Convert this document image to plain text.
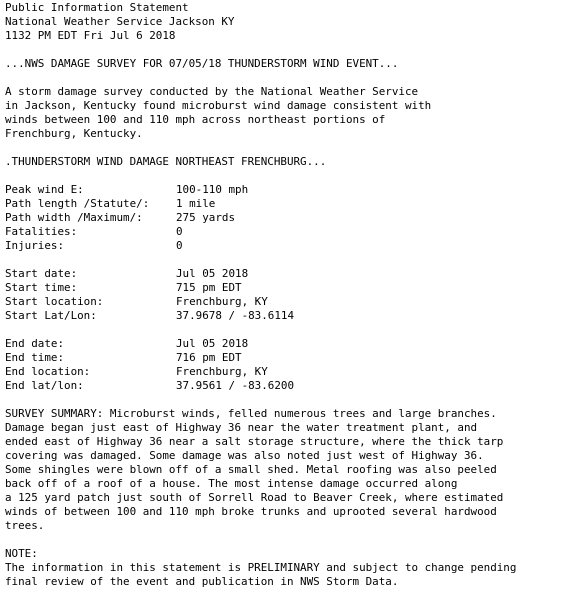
Public Information Statement
National Weather Service Jackson KY
1132 PM EDT Fri Jul 6 2018
...NWS DAMAGE SURVEY FOR 07/05/18 THUNDERSTORM WIND EVENT...
A storm damage survey conducted by the National Weather Service
in Jackson, Kentucky found microburst wind damage consistent with
winds between 100 and 110 mph across northeast portions of
Frenchburg, Kentucky.
.THUNDERSTORM WIND DAMAGE NORTHEAST FRENCHBURG...
Peak wind E:	100-110 mph
Path length /Statute/:	1 mile
Path width /Maximum/:	275 yards
Fatalities:	0
Injuries:	0
Start date:	Jul 05 2018
Start time:	715 pm EDT
Start location:	Frenchburg, KY
Start Lat/Lon:	37.9678 / -83.6114
End date:	Jul 05 2018
End time:	716 pm EDT
End location:	Frenchburg, KY
End lat/lon:	37.9561 / -83.6200
SURVEY SUMMARY: Microburst winds, felled numerous trees and large branches.
Damage began just east of Highway 36 near the water treatment plant, and
ended east of Highway 36 near a salt storage structure, where the thick tarp
covering was damaged. Some damage was also noted just west of Highway 36.
Some shingles were blown off of a small shed. Metal roofing was also peeled
back off of a roof of a house. The most intense damage occurred along
a 125 yard patch just south of Sorrell Road to Beaver Creek, where estimated
winds of between 100 and 110 mph broke trunks and uprooted several hardwood
trees.
NOTE:
The information in this statement is PRELIMINARY and subject to change pending
final review of the event and publication in NWS Storm Data.
